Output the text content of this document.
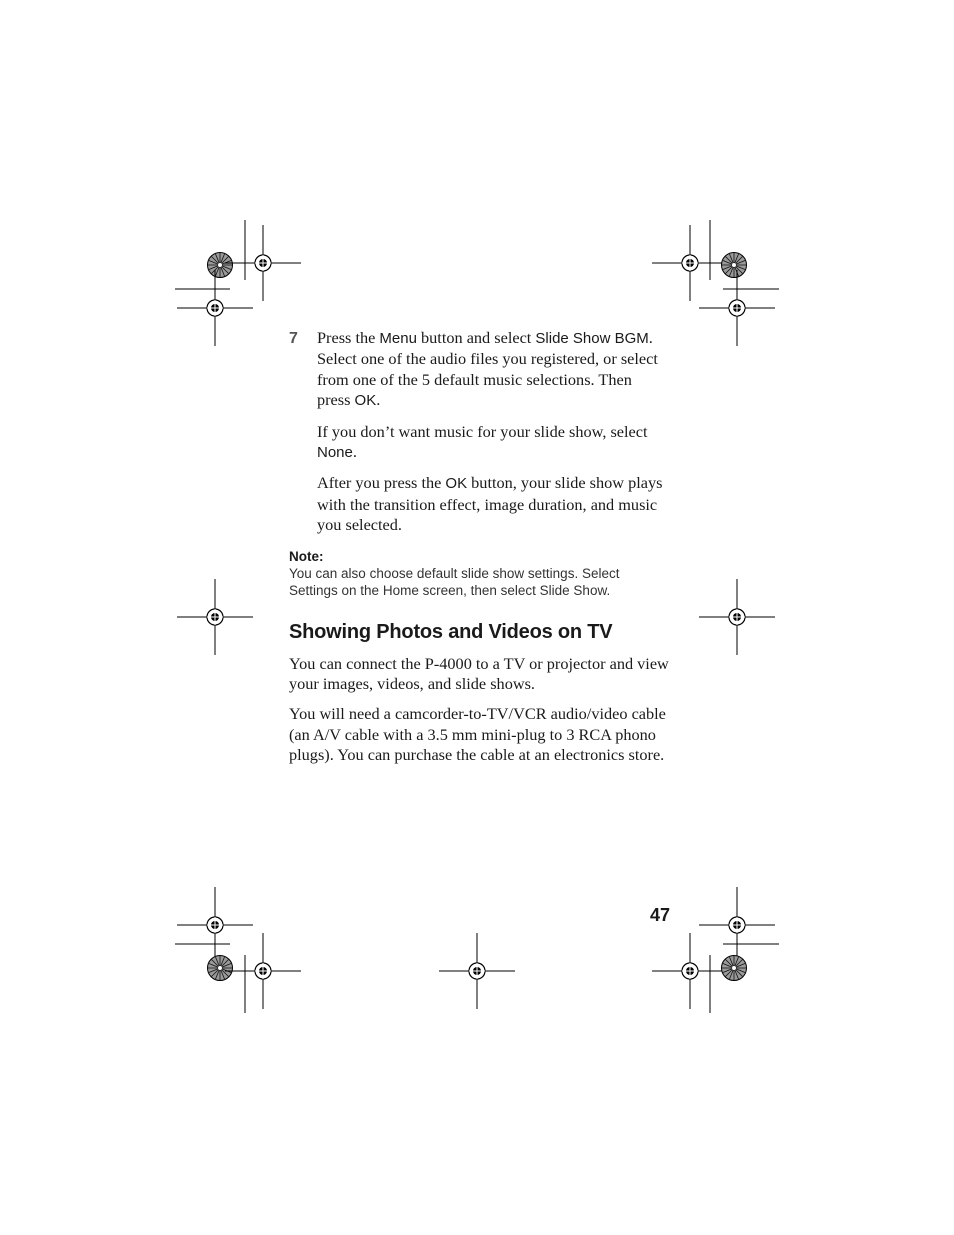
7 Press the Menu button and select Slide Show BGM. Select one of the audio files you registered, or select from one of the 5 default music selections. Then press OK.

If you don’t want music for your slide show, select None.

After you press the OK button, your slide show plays with the transition effect, image duration, and music you selected.

Note:
You can also choose default slide show settings. Select Settings on the Home screen, then select Slide Show.
Showing Photos and Videos on TV

You can connect the P-4000 to a TV or projector and view your images, videos, and slide shows.

You will need a camcorder-to-TV/VCR audio/video cable (an A/V cable with a 3.5 mm mini-plug to 3 RCA phono plugs). You can purchase the cable at an electronics store.

47
